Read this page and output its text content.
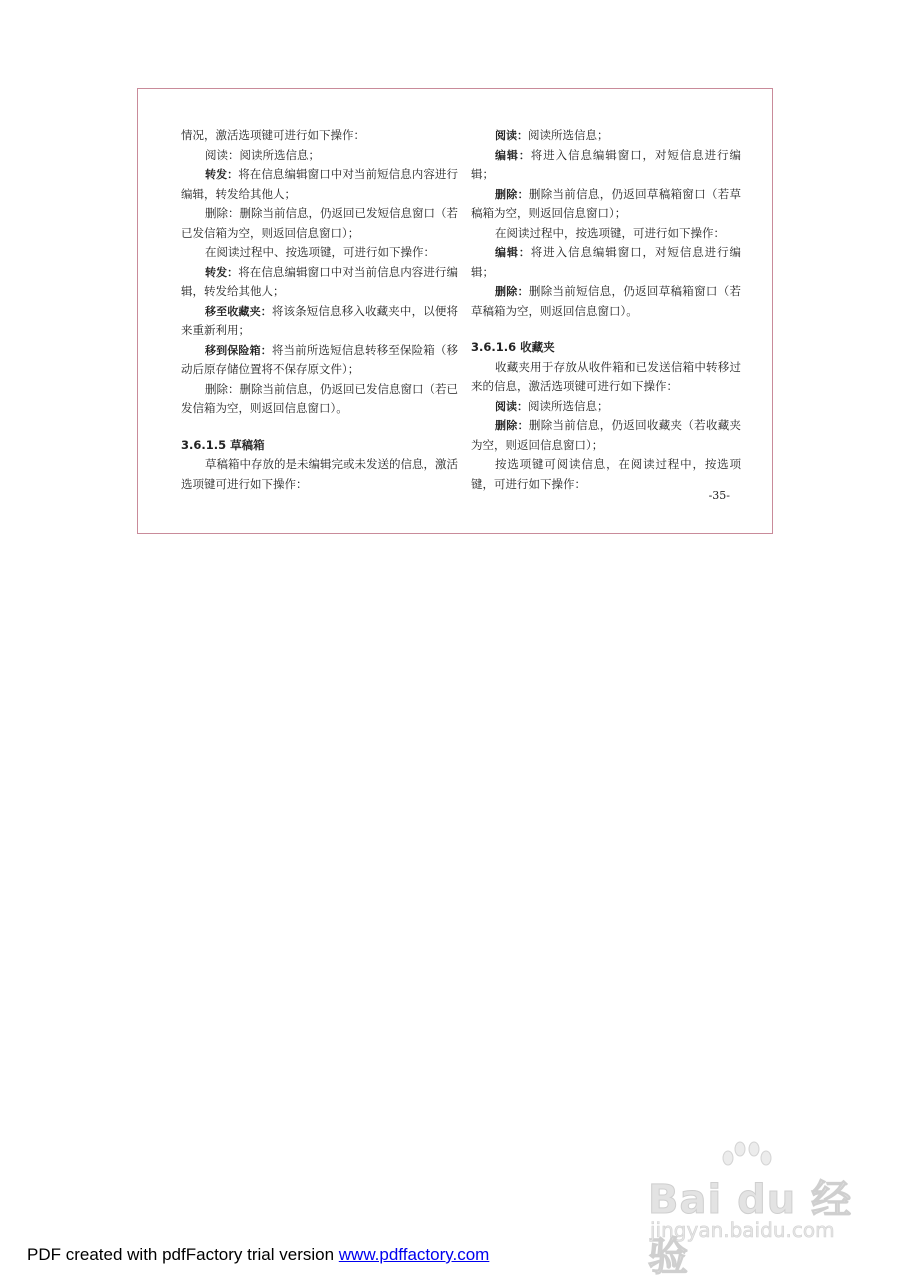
情况，激活选项键可进行如下操作：

阅读：阅读所选信息；

转发：将在信息编辑窗口中对当前短信息内容进行编辑，转发给其他人；

删除：删除当前信息，仍返回已发短信息窗口（若已发信箱为空，则返回信息窗口）；

在阅读过程中、按选项键，可进行如下操作：

转发：将在信息编辑窗口中对当前信息内容进行编辑，转发给其他人；

移至收藏夹：将该条短信息移入收藏夹中，以便将来重新利用；

移到保险箱：将当前所选短信息转移至保险箱（移动后原存储位置将不保存原文件）；

删除：删除当前信息，仍返回已发信息窗口（若已发信箱为空，则返回信息窗口）。

3.6.1.5 草稿箱

草稿箱中存放的是未编辑完或未发送的信息，激活选项键可进行如下操作：

阅读：阅读所选信息；

编辑：将进入信息编辑窗口，对短信息进行编辑；

删除：删除当前信息，仍返回草稿箱窗口（若草稿箱为空，则返回信息窗口）；

在阅读过程中，按选项键，可进行如下操作：

编辑：将进入信息编辑窗口，对短信息进行编辑；

删除：删除当前短信息，仍返回草稿箱窗口（若草稿箱为空，则返回信息窗口）。

3.6.1.6 收藏夹

收藏夹用于存放从收件箱和已发送信箱中转移过来的信息，激活选项键可进行如下操作：

阅读：阅读所选信息；

删除：删除当前信息，仍返回收藏夹（若收藏夹为空，则返回信息窗口）；

按选项键可阅读信息，在阅读过程中，按选项键，可进行如下操作：

-35-
Bai du 经验
jingyan.baidu.com
PDF created with pdfFactory trial version www.pdffactory.com
